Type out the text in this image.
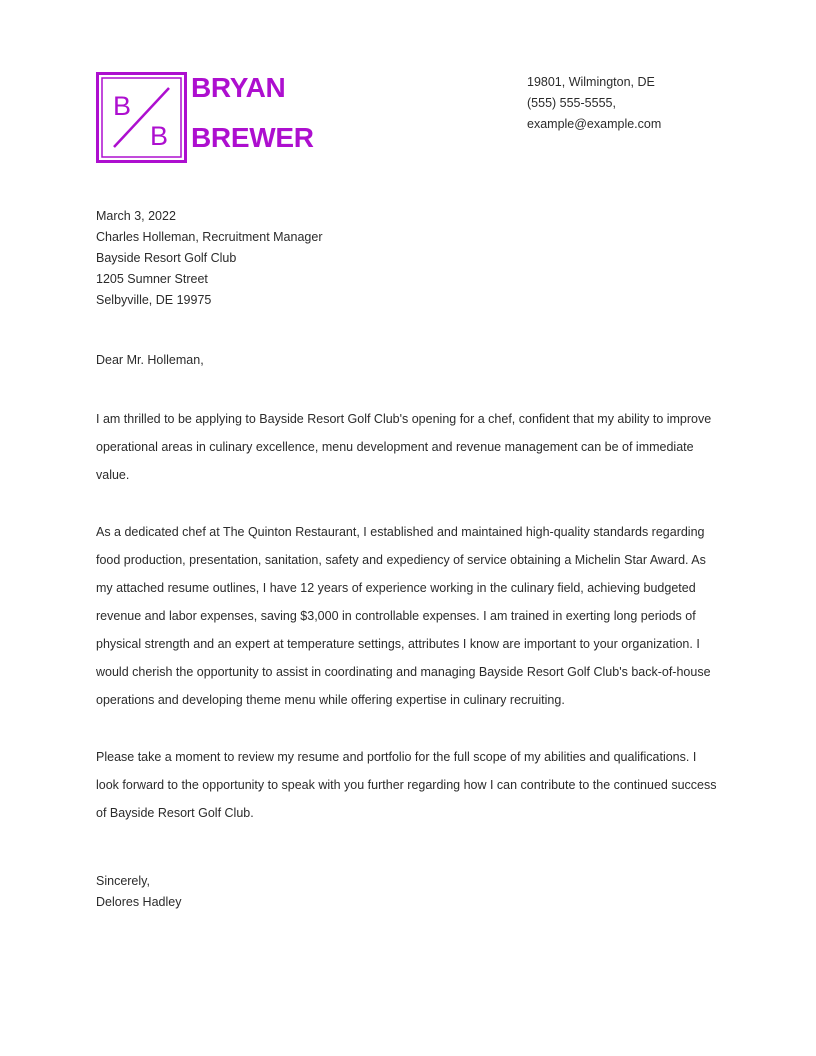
B
B
BRYAN
BREWER
19801, Wilmington, DE
(555) 555-5555,
example@example.com
March 3, 2022
Charles Holleman, Recruitment Manager
Bayside Resort Golf Club
1205 Sumner Street
Selbyville, DE 19975
Dear Mr. Holleman,

I am thrilled to be applying to Bayside Resort Golf Club's opening for a chef, confident that my ability to improve operational areas in culinary excellence, menu development and revenue management can be of immediate value.

As a dedicated chef at The Quinton Restaurant, I established and maintained high-quality standards regarding food production, presentation, sanitation, safety and expediency of service obtaining a Michelin Star Award. As my attached resume outlines, I have 12 years of experience working in the culinary field, achieving budgeted revenue and labor expenses, saving $3,000 in controllable expenses. I am trained in exerting long periods of physical strength and an expert at temperature settings, attributes I know are important to your organization. I would cherish the opportunity to assist in coordinating and managing Bayside Resort Golf Club's back-of-house operations and developing theme menu while offering expertise in culinary recruiting.

Please take a moment to review my resume and portfolio for the full scope of my abilities and qualifications. I look forward to the opportunity to speak with you further regarding how I can contribute to the continued success of Bayside Resort Golf Club.

Sincerely,
Delores Hadley
